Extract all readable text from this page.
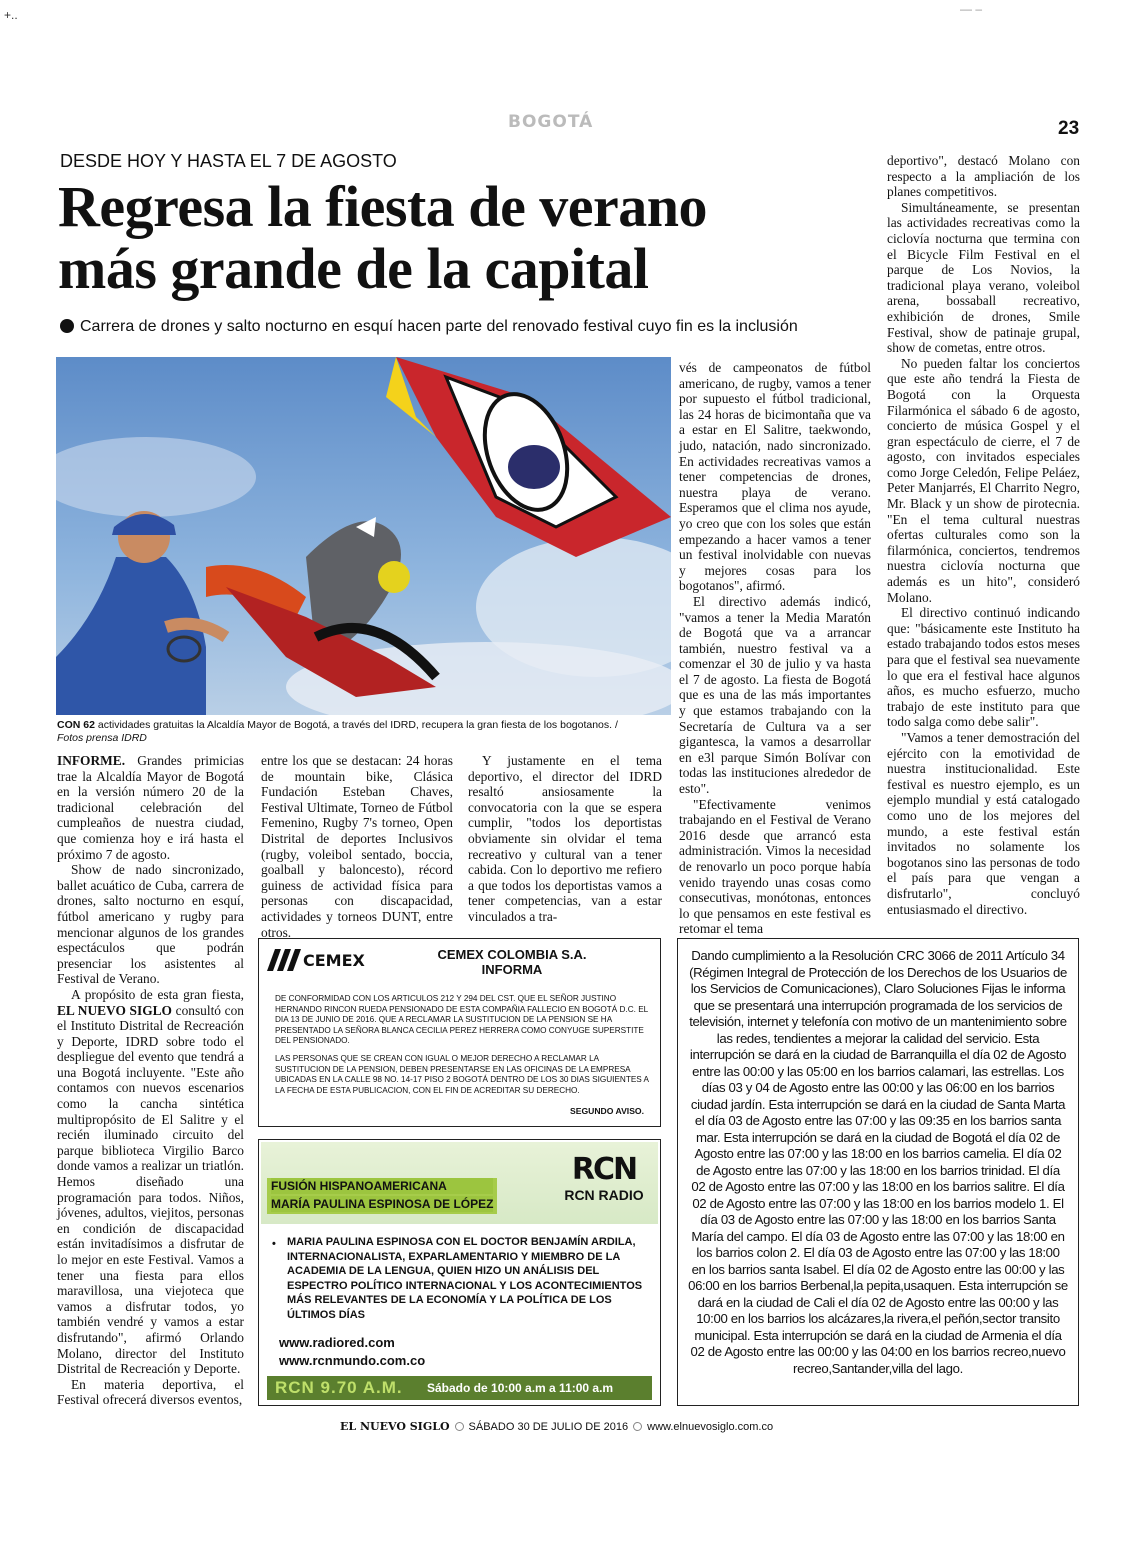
+..	— –
BOGOTÁ	23
DESDE HOY Y HASTA EL 7 DE AGOSTO
Regresa la fiesta de verano
más grande de la capital
Carrera de drones y salto nocturno en esquí hacen parte del renovado festival cuyo fin es la inclusión
CON 62 actividades gratuitas la Alcaldía Mayor de Bogotá, a través del IDRD, recupera la gran fiesta de los bogotanos. /
Fotos prensa IDRD

INFORME. Grandes primicias trae la Alcaldía Mayor de Bogotá en la versión número 20 de la tradicional celebración del cumpleaños de nuestra ciudad, que comienza hoy e irá hasta el próximo 7 de agosto.

Show de nado sincronizado, ballet acuático de Cuba, carrera de drones, salto nocturno en esquí, fútbol americano y rugby para mencionar algunos de los grandes espectáculos que podrán presenciar los asistentes al Festival de Verano.

A propósito de esta gran fiesta, EL NUEVO SIGLO consultó con el Instituto Distrital de Recreación y Deporte, IDRD sobre todo el despliegue del evento que tendrá a una Bogotá incluyente. "Este año contamos con nuevos escenarios como la cancha sintética multipropósito de El Salitre y el recién iluminado circuito del parque biblioteca Virgilio Barco donde vamos a realizar un triatlón. Hemos diseñado una programación para todos. Niños, jóvenes, adultos, viejitos, personas en condición de discapacidad están invitadísimos a disfrutar de lo mejor en este Festival. Vamos a tener una fiesta para ellos maravillosa, una viejoteca que vamos a disfrutar todos, yo también vendré y vamos a estar disfrutando", afirmó Orlando Molano, director del Instituto Distrital de Recreación y Deporte.

En materia deportiva, el Festival ofrecerá diversos eventos,

entre los que se destacan: 24 horas de mountain bike, Clásica Fundación Esteban Chaves, Festival Ultimate, Torneo de Fútbol Femenino, Rugby 7's torneo, Open Distrital de deportes Inclusivos (rugby, voleibol sentado, boccia, goalball y baloncesto), récord guiness de actividad física para personas con discapacidad, actividades y torneos DUNT, entre otros.

Y justamente en el tema deportivo, el director del IDRD resaltó ansiosamente la convocatoria con la que se espera cumplir, "todos los deportistas obviamente sin olvidar el tema recreativo y cultural van a tener cabida. Con lo deportivo me refiero a que todos los deportistas vamos a tener competencias, van a estar vinculados a tra-

vés de campeonatos de fútbol americano, de rugby, vamos a tener por supuesto el fútbol tradicional, las 24 horas de bicimontaña que va a estar en El Salitre, taekwondo, judo, natación, nado sincronizado. En actividades recreativas vamos a tener competencias de drones, nuestra playa de verano. Esperamos que el clima nos ayude, yo creo que con los soles que están empezando a hacer vamos a tener un festival inolvidable con nuevas y mejores cosas para los bogotanos", afirmó.

El directivo además indicó, "vamos a tener la Media Maratón de Bogotá que va a arrancar también, nuestro festival va a comenzar el 30 de julio y va hasta el 7 de agosto. La fiesta de Bogotá que es una de las más importantes y que estamos trabajando con la Secretaría de Cultura va a ser gigantesca, la vamos a desarrollar en e3l parque Simón Bolívar con todas las instituciones alrededor de esto".

"Efectivamente venimos trabajando en el Festival de Verano 2016 desde que arrancó esta administración. Vimos la necesidad de renovarlo un poco porque había venido trayendo unas cosas como consecutivas, monótonas, entonces lo que pensamos en este festival es retomar el tema

deportivo", destacó Molano con respecto a la ampliación de los planes competitivos.

Simultáneamente, se presentan las actividades recreativas como la ciclovía nocturna que termina con el Bicycle Film Festival en el parque de Los Novios, la tradicional playa verano, voleibol arena, bossaball recreativo, exhibición de drones, Smile Festival, show de patinaje grupal, show de cometas, entre otros.

No pueden faltar los conciertos que este año tendrá la Fiesta de Bogotá con la Orquesta Filarmónica el sábado 6 de agosto, concierto de música Gospel y el gran espectáculo de cierre, el 7 de agosto, con invitados especiales como Jorge Celedón, Felipe Peláez, Peter Manjarrés, El Charrito Negro, Mr. Black y un show de pirotecnia. "En el tema cultural nuestras ofertas culturales como son la filarmónica, conciertos, tendremos nuestra ciclovía nocturna que además es un hito", consideró Molano.

El directivo continuó indicando que: "básicamente este Instituto ha estado trabajando todos estos meses para que el festival sea nuevamente lo que era el festival hace algunos años, es mucho esfuerzo, mucho trabajo de este instituto para que todo salga como debe salir".

"Vamos a tener demostración del ejército con la emotividad de nuestra institucionalidad. Este festival es nuestro ejemplo, es un ejemplo mundial y está catalogado como uno de los mejores del mundo, a este festival están invitados no solamente los bogotanos sino las personas de todo el país para que vengan a disfrutarlo", concluyó entusiasmado el directivo.

CEMEX	CEMEX COLOMBIA S.A.
INFORMA

DE CONFORMIDAD CON LOS ARTICULOS 212 Y 294 DEL CST. QUE EL SEÑOR JUSTINO HERNANDO RINCON RUEDA PENSIONADO DE ESTA COMPAÑIA FALLECIO EN BOGOTÁ D.C. EL DIA 13 DE JUNIO DE 2016. QUE A RECLAMAR LA SUSTITUCION DE LA PENSION SE HA PRESENTADO LA SEÑORA BLANCA CECILIA PEREZ HERRERA COMO CONYUGE SUPERSTITE DEL PENSIONADO.

LAS PERSONAS QUE SE CREAN CON IGUAL O MEJOR DERECHO A RECLAMAR LA SUSTITUCION DE LA PENSION, DEBEN PRESENTARSE EN LAS OFICINAS DE LA EMPRESA UBICADAS EN LA CALLE 98 NO. 14-17 PISO 2 BOGOTÁ DENTRO DE LOS 30 DIAS SIGUIENTES A LA FECHA DE ESTA PUBLICACION, CON EL FIN DE ACREDITAR SU DERECHO.

SEGUNDO AVISO.
FUSIÓN HISPANOAMERICANA
MARÍA PAULINA ESPINOSA DE LÓPEZ
RCN
RCN RADIO
• MARIA PAULINA ESPINOSA CON EL DOCTOR BENJAMÍN ARDILA, INTERNACIONALISTA, EXPARLAMENTARIO Y MIEMBRO DE LA ACADEMIA DE LA LENGUA, QUIEN HIZO UN ANÁLISIS DEL ESPECTRO POLÍTICO INTERNACIONAL Y LOS ACONTECIMIENTOS MÁS RELEVANTES DE LA ECONOMÍA Y LA POLÍTICA DE LOS ÚLTIMOS DÍAS
www.radiored.com
www.rcnmundo.com.co
RCN 9.70 A.M. Sábado de 10:00 a.m a 11:00 a.m
Dando cumplimiento a la Resolución CRC 3066 de 2011 Artículo 34 (Régimen Integral de Protección de los Derechos de los Usuarios de los Servicios de Comunicaciones), Claro Soluciones Fijas le informa que se presentará una interrupción programada de los servicios de televisión, internet y telefonía con motivo de un mantenimiento sobre las redes, tendientes a mejorar la calidad del servicio. Esta interrupción se dará en la ciudad de Barranquilla el día 02 de Agosto entre las 00:00 y las 05:00 en los barrios calamari, las estrellas. Los días 03 y 04 de Agosto entre las 00:00 y las 06:00 en los barrios ciudad jardín. Esta interrupción se dará en la ciudad de Santa Marta el día 03 de Agosto entre las 07:00 y las 09:35 en los barrios santa mar. Esta interrupción se dará en la ciudad de Bogotá el día 02 de Agosto entre las 07:00 y las 18:00 en los barrios camelia. El día 02 de Agosto entre las 07:00 y las 18:00 en los barrios trinidad. El día 02 de Agosto entre las 07:00 y las 18:00 en los barrios salitre. El día 02 de Agosto entre las 07:00 y las 18:00 en los barrios modelo 1. El día 03 de Agosto entre las 07:00 y las 18:00 en los barrios Santa María del campo. El día 03 de Agosto entre las 07:00 y las 18:00 en los barrios colon 2. El día 03 de Agosto entre las 07:00 y las 18:00 en los barrios santa Isabel. El día 02 de Agosto entre las 00:00 y las 06:00 en los barrios Berbenal,la pepita,usaquen. Esta interrupción se dará en la ciudad de Cali el día 02 de Agosto entre las 00:00 y las 10:00 en los barrios los alcázares,la rivera,el peñón,sector transito municipal. Esta interrupción se dará en la ciudad de Armenia el día 02 de Agosto entre las 00:00 y las 04:00 en los barrios recreo,nuevo recreo,Santander,villa del lago.
EL NUEVO SIGLO SÁBADO 30 DE JULIO DE 2016 www.elnuevosiglo.com.co
